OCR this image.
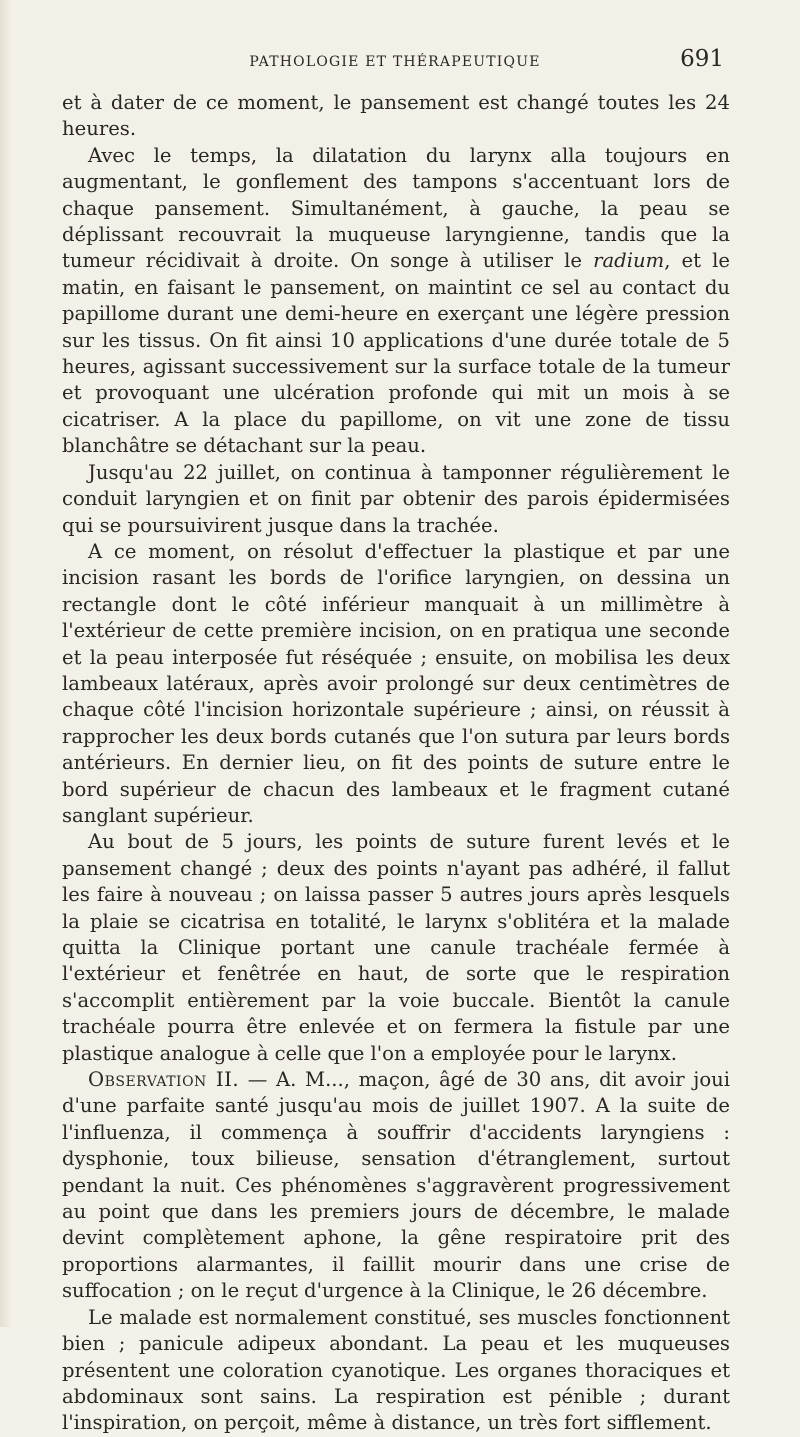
PATHOLOGIE ET THÉRAPEUTIQUE	691

et à dater de ce moment, le pansement est changé toutes les 24 heures.

Avec le temps, la dilatation du larynx alla toujours en augmentant, le gonflement des tampons s'accentuant lors de chaque pansement. Simultanément, à gauche, la peau se déplissant recouvrait la muqueuse laryngienne, tandis que la tumeur récidivait à droite. On songe à utiliser le radium, et le matin, en faisant le pansement, on maintint ce sel au contact du papillome durant une demi-heure en exerçant une légère pression sur les tissus. On fit ainsi 10 applications d'une durée totale de 5 heures, agissant successivement sur la surface totale de la tumeur et provoquant une ulcération profonde qui mit un mois à se cicatriser. A la place du papillome, on vit une zone de tissu blanchâtre se détachant sur la peau.

Jusqu'au 22 juillet, on continua à tamponner régulièrement le conduit laryngien et on finit par obtenir des parois épidermisées qui se poursuivirent jusque dans la trachée.

A ce moment, on résolut d'effectuer la plastique et par une incision rasant les bords de l'orifice laryngien, on dessina un rectangle dont le côté inférieur manquait à un millimètre à l'extérieur de cette première incision, on en pratiqua une seconde et la peau interposée fut réséquée ; ensuite, on mobilisa les deux lambeaux latéraux, après avoir prolongé sur deux centimètres de chaque côté l'incision horizontale supérieure ; ainsi, on réussit à rapprocher les deux bords cutanés que l'on sutura par leurs bords antérieurs. En dernier lieu, on fit des points de suture entre le bord supérieur de chacun des lambeaux et le fragment cutané sanglant supérieur.

Au bout de 5 jours, les points de suture furent levés et le pansement changé ; deux des points n'ayant pas adhéré, il fallut les faire à nouveau ; on laissa passer 5 autres jours après lesquels la plaie se cicatrisa en totalité, le larynx s'oblitéra et la malade quitta la Clinique portant une canule trachéale fermée à l'extérieur et fenêtrée en haut, de sorte que le respiration s'accomplit entièrement par la voie buccale. Bientôt la canule trachéale pourra être enlevée et on fermera la fistule par une plastique analogue à celle que l'on a employée pour le larynx.

Observation II. — A. M..., maçon, âgé de 30 ans, dit avoir joui d'une parfaite santé jusqu'au mois de juillet 1907. A la suite de l'influenza, il commença à souffrir d'accidents laryngiens : dysphonie, toux bilieuse, sensation d'étranglement, surtout pendant la nuit. Ces phénomènes s'aggravèrent progressivement au point que dans les premiers jours de décembre, le malade devint complètement aphone, la gêne respiratoire prit des proportions alarmantes, il faillit mourir dans une crise de suffocation ; on le reçut d'urgence à la Clinique, le 26 décembre.

Le malade est normalement constitué, ses muscles fonctionnent bien ; panicule adipeux abondant. La peau et les muqueuses présentent une coloration cyanotique. Les organes thoraciques et abdominaux sont sains. La respiration est pénible ; durant l'inspiration, on perçoit, même à distance, un très fort sifflement.
